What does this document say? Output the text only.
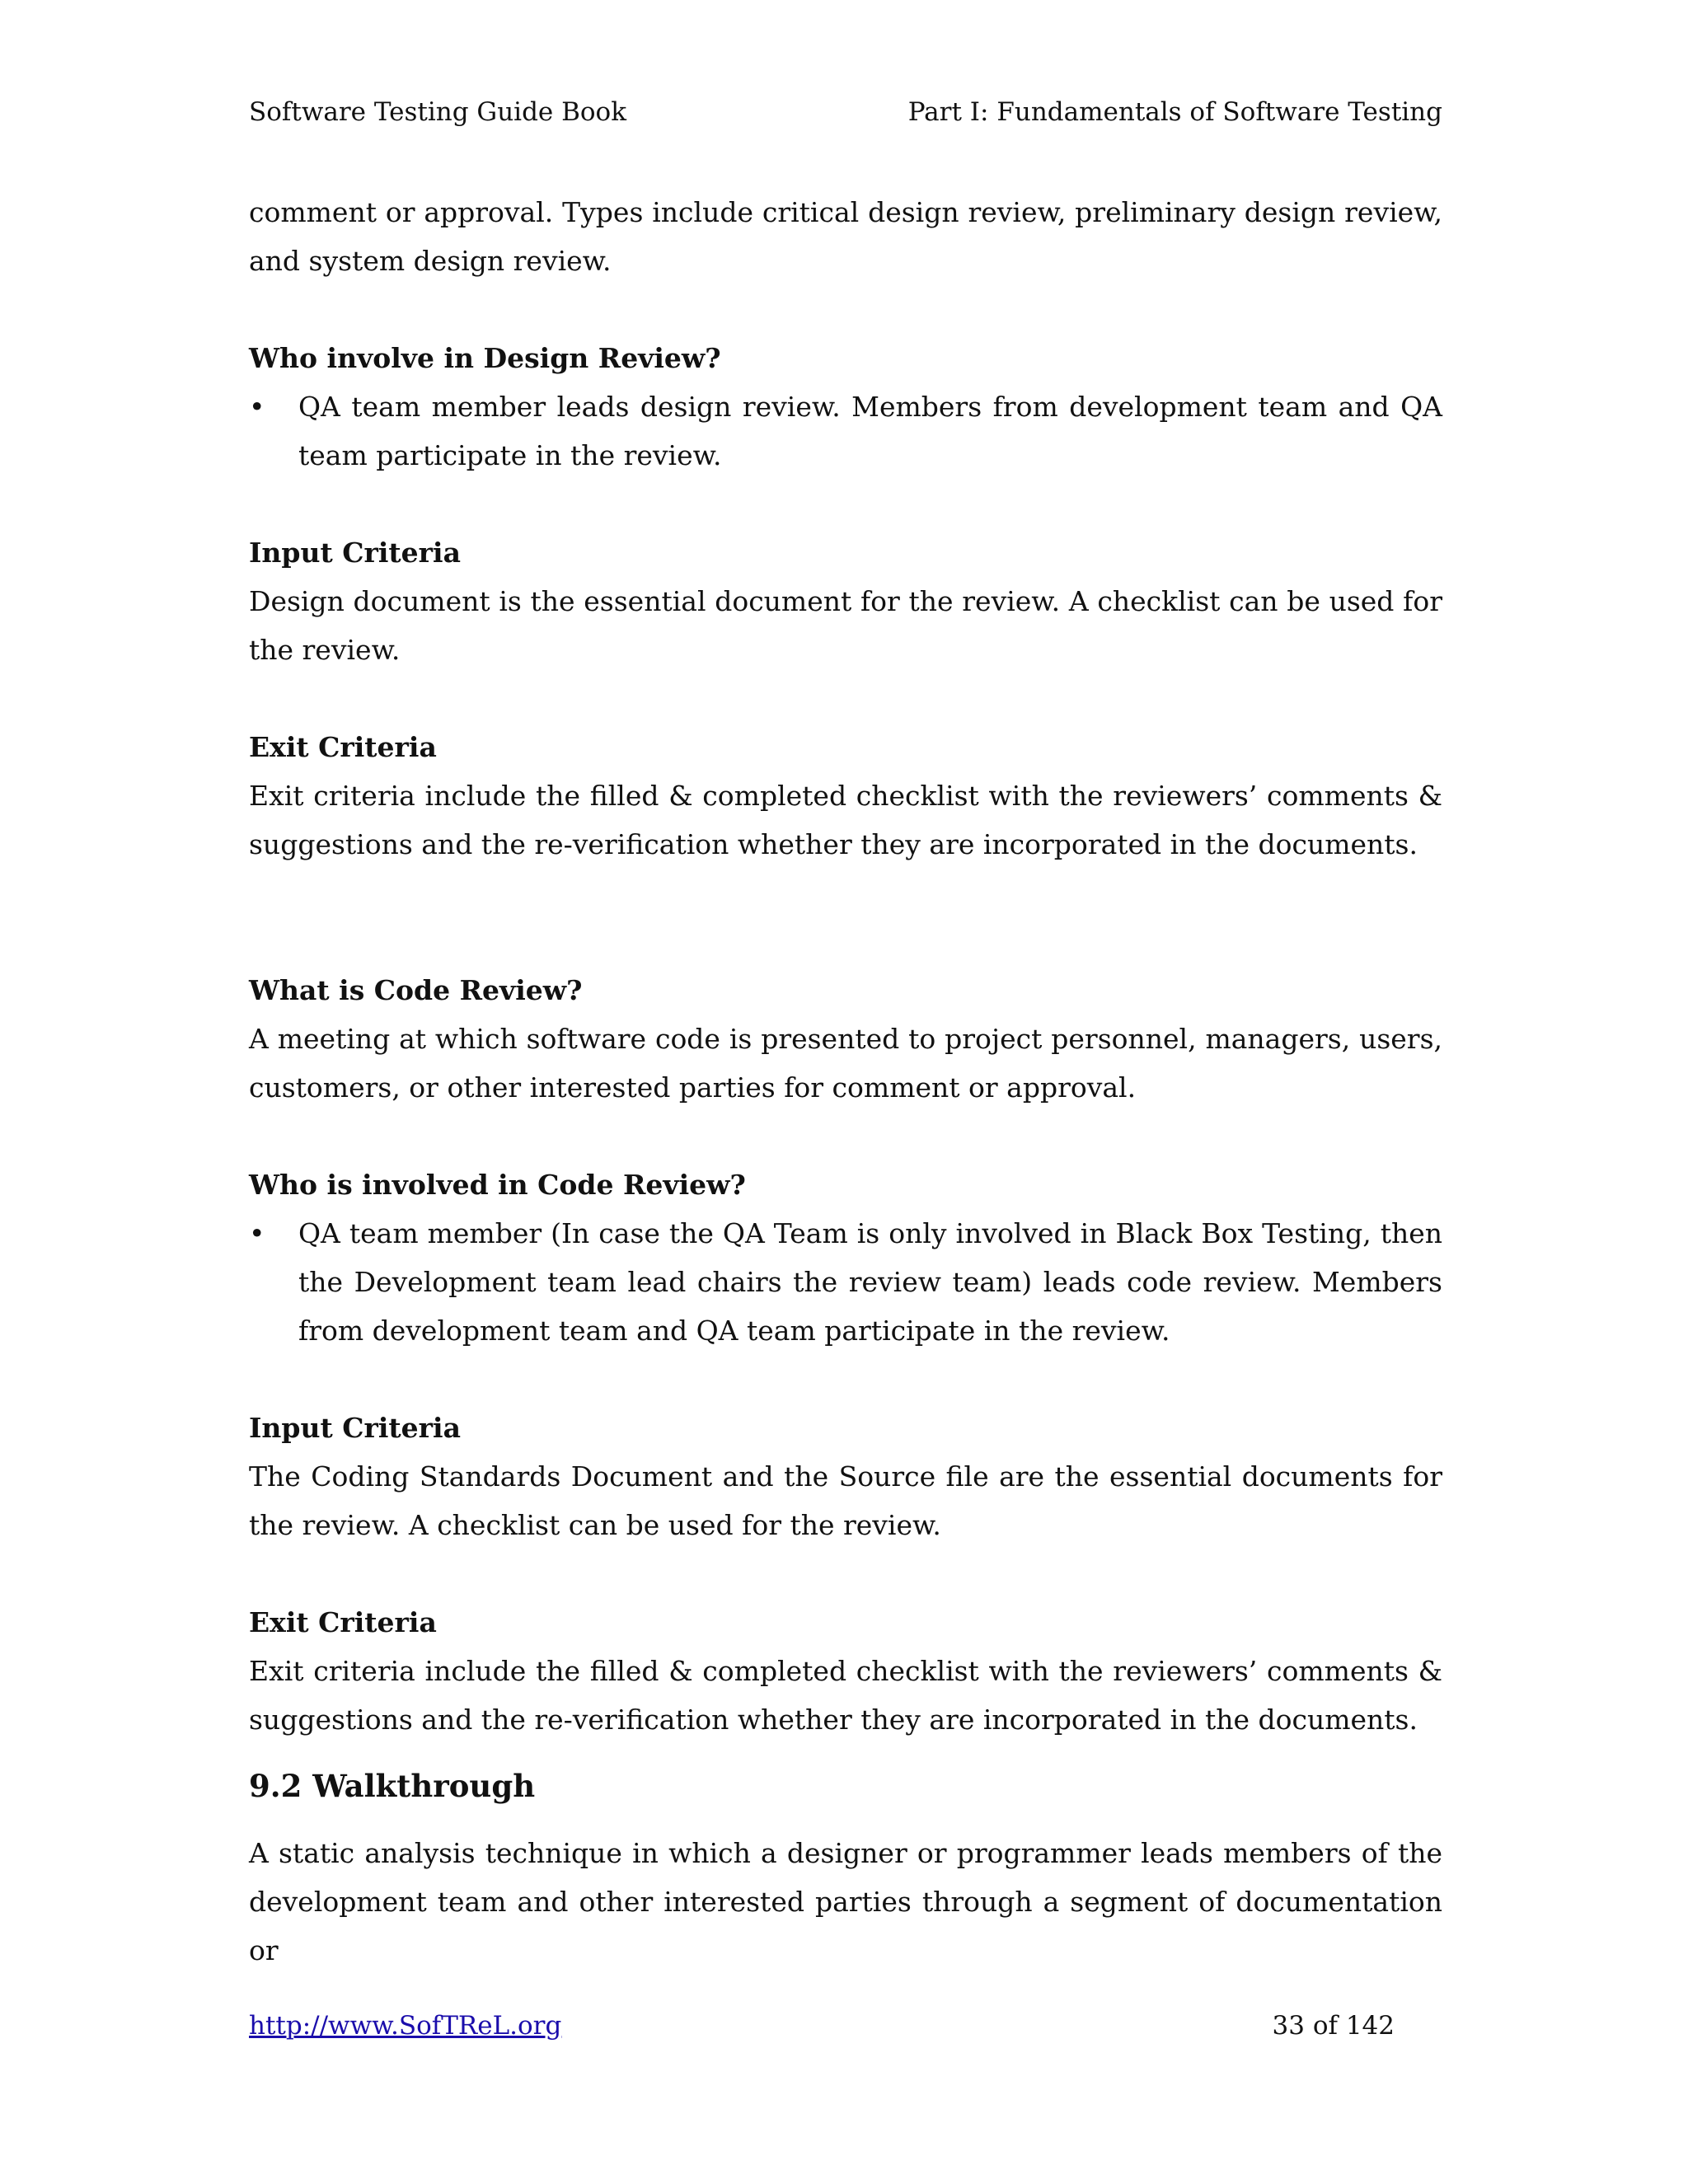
Software Testing Guide Book	Part I: Fundamentals of Software Testing

comment or approval. Types include critical design review, preliminary design review, and system design review.

Who involve in Design Review?
• QA team member leads design review. Members from development team and QA team participate in the review.
Input Criteria

Design document is the essential document for the review. A checklist can be used for the review.

Exit Criteria

Exit criteria include the filled & completed checklist with the reviewers’ comments & suggestions and the re-verification whether they are incorporated in the documents.

What is Code Review?

A meeting at which software code is presented to project personnel, managers, users, customers, or other interested parties for comment or approval.

Who is involved in Code Review?
• QA team member (In case the QA Team is only involved in Black Box Testing, then the Development team lead chairs the review team) leads code review. Members from development team and QA team participate in the review.
Input Criteria

The Coding Standards Document and the Source file are the essential documents for the review. A checklist can be used for the review.

Exit Criteria

Exit criteria include the filled & completed checklist with the reviewers’ comments & suggestions and the re-verification whether they are incorporated in the documents.

9.2 Walkthrough

A static analysis technique in which a designer or programmer leads members of the development team and other interested parties through a segment of documentation or

http://www.SofTReL.org	33 of 142
